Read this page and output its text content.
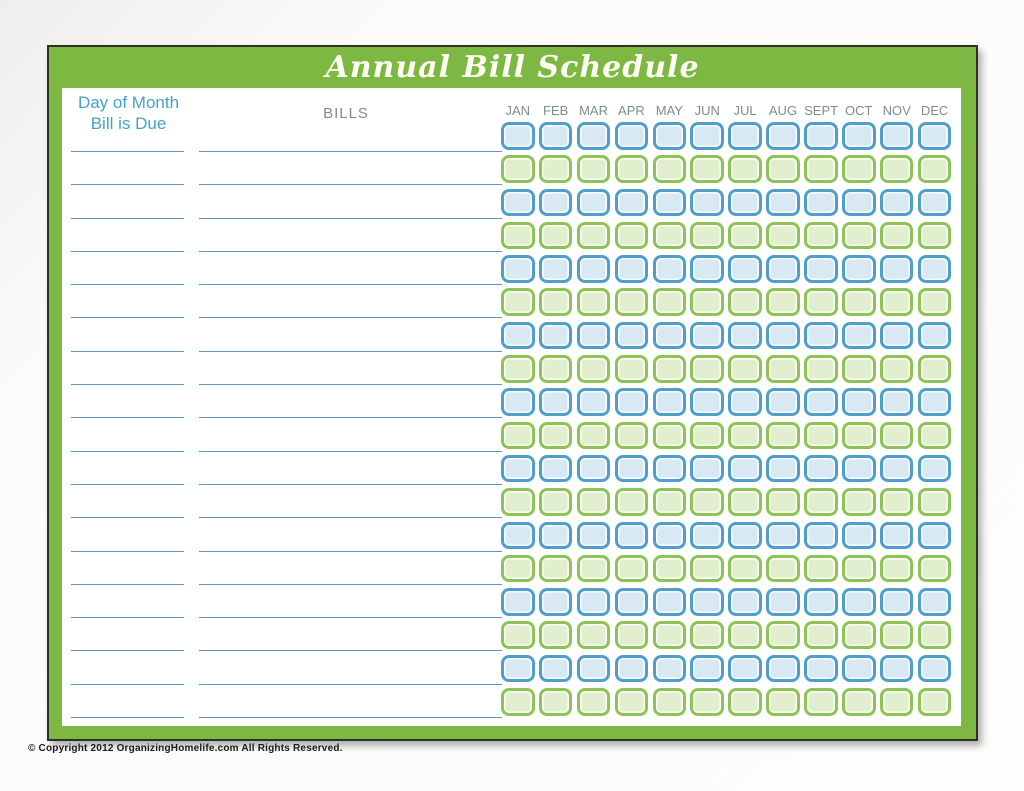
Annual Bill Schedule
Day of Month
Bill is Due
BILLS	JAN FEB MAR APR MAY JUN	JUL AUG SEPT OCT NOV DEC
© Copyright 2012 OrganizingHomelife.com All Rights Reserved.
